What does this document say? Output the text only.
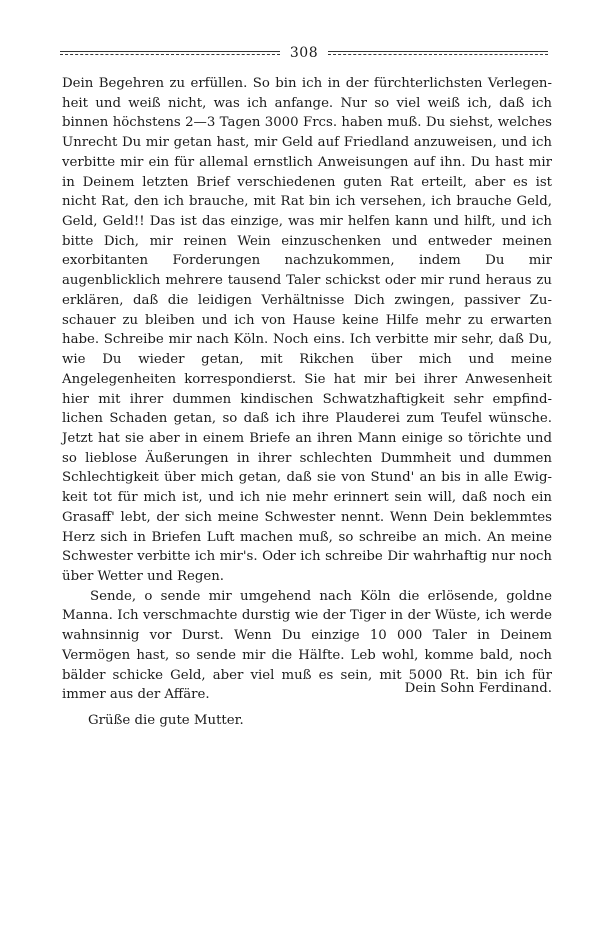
308

Dein Begehren zu erfüllen. So bin ich in der fürchterlichsten Verlegenheit und weiß nicht, was ich anfange. Nur so viel weiß ich, daß ich binnen höchstens 2—3 Tagen 3000 Frcs. haben muß. Du siehst, welches Unrecht Du mir getan hast, mir Geld auf Friedland anzuweisen, und ich verbitte mir ein für allemal ernstlich Anweisungen auf ihn. Du hast mir in Deinem letzten Brief verschiedenen guten Rat erteilt, aber es ist nicht Rat, den ich brauche, mit Rat bin ich versehen, ich brauche Geld, Geld, Geld!! Das ist das einzige, was mir helfen kann und hilft, und ich bitte Dich, mir reinen Wein einzuschenken und entweder meinen exorbitanten Forderungen nachzukommen, indem Du mir augenblicklich mehrere tausend Taler schickst oder mir rund heraus zu erklären, daß die leidigen Verhältnisse Dich zwingen, passiver Zuschauer zu bleiben und ich von Hause keine Hilfe mehr zu erwarten habe. Schreibe mir nach Köln. Noch eins. Ich verbitte mir sehr, daß Du, wie Du wieder getan, mit Rikchen über mich und meine Angelegenheiten korrespondierst. Sie hat mir bei ihrer Anwesenheit hier mit ihrer dummen kindischen Schwatzhaftigkeit sehr empfindlichen Schaden getan, so daß ich ihre Plauderei zum Teufel wünsche. Jetzt hat sie aber in einem Briefe an ihren Mann einige so törichte und so lieblose Äußerungen in ihrer schlechten Dummheit und dummen Schlechtigkeit über mich getan, daß sie von Stund' an bis in alle Ewigkeit tot für mich ist, und ich nie mehr erinnert sein will, daß noch ein Grasaff' lebt, der sich meine Schwester nennt. Wenn Dein beklemmtes Herz sich in Briefen Luft machen muß, so schreibe an mich. An meine Schwester verbitte ich mir's. Oder ich schreibe Dir wahrhaftig nur noch über Wetter und Regen.

Sende, o sende mir umgehend nach Köln die erlösende, goldne Manna. Ich verschmachte durstig wie der Tiger in der Wüste, ich werde wahnsinnig vor Durst. Wenn Du einzige 10 000 Taler in Deinem Vermögen hast, so sende mir die Hälfte. Leb wohl, komme bald, noch bälder schicke Geld, aber viel muß es sein, mit 5000 Rt. bin ich für immer aus der Affäre.	Dein Sohn Ferdinand.
Grüße die gute Mutter.
